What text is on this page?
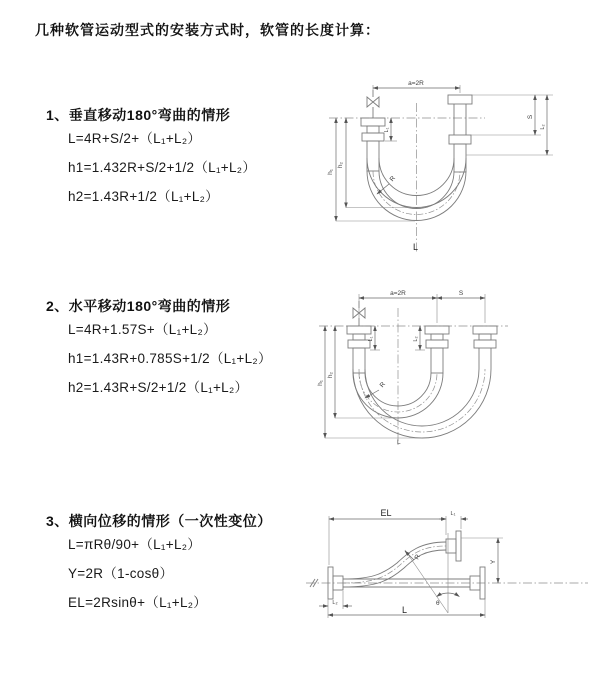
几种软管运动型式的安装方式时，软管的长度计算：
1、垂直移动180°弯曲的情形
L=4R+S/2+（L₁+L₂）
h1=1.432R+S/2+1/2（L₁+L₂）
h2=1.43R+1/2（L₁+L₂）
a=2R
h₁
h₂
L₁
S
L₂
R
L
2、水平移动180°弯曲的情形
L=4R+1.57S+（L₁+L₂）
h1=1.43R+0.785S+1/2（L₁+L₂）
h2=1.43R+S/2+1/2（L₁+L₂）
a=2R	S
h₁
h₂
L₁	L₂
R
L
3、横向位移的情形（一次性变位）
L=πRθ/90+（L₁+L₂）
Y=2R（1-cosθ）
EL=2Rsinθ+（L₁+L₂）	θ
EL	L₁
Y
L
L₂
R
